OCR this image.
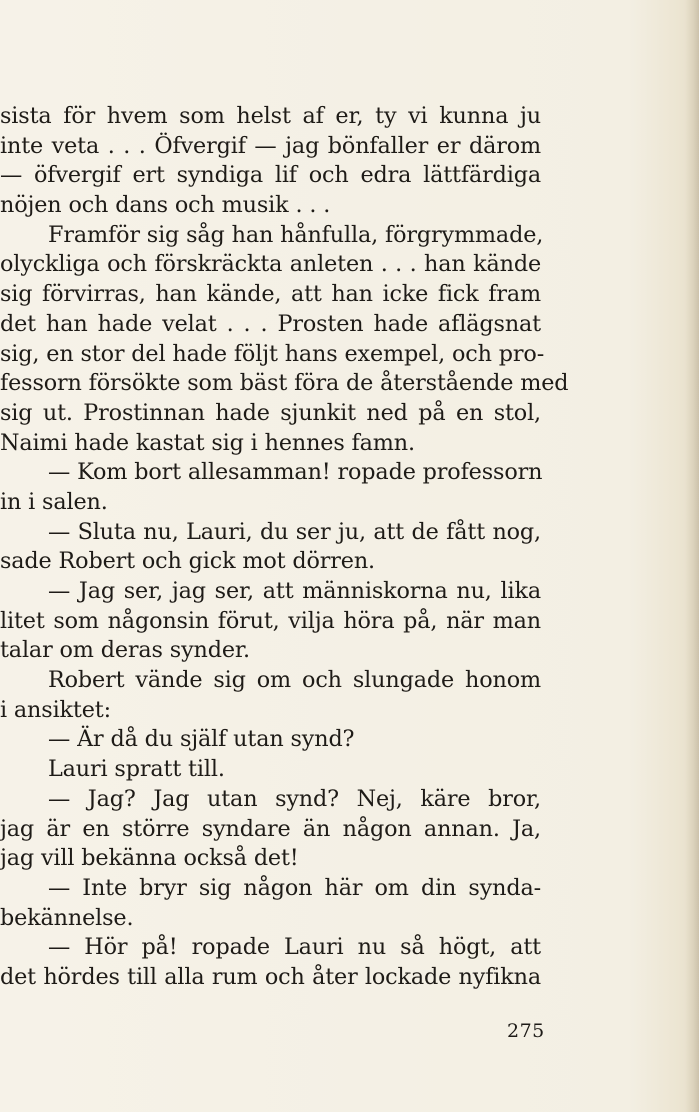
sista för hvem som helst af er, ty vi kunna ju
inte veta . . . Öfvergif — jag bönfaller er därom
— öfvergif ert syndiga lif och edra lättfärdiga
nöjen och dans och musik . . .
Framför sig såg han hånfulla, förgrymmade,
olyckliga och förskräckta anleten . . . han kände
sig förvirras, han kände, att han icke fick fram
det han hade velat . . . Prosten hade aflägsnat
sig, en stor del hade följt hans exempel, och pro-
fessorn försökte som bäst föra de återstående med
sig ut. Prostinnan hade sjunkit ned på en stol,
Naimi hade kastat sig i hennes famn.
— Kom bort allesamman! ropade professorn
in i salen.
— Sluta nu, Lauri, du ser ju, att de fått nog,
sade Robert och gick mot dörren.
— Jag ser, jag ser, att människorna nu, lika
litet som någonsin förut, vilja höra på, när man
talar om deras synder.
Robert vände sig om och slungade honom
i ansiktet:
— Är då du själf utan synd?
Lauri spratt till.
— Jag? Jag utan synd? Nej, käre bror,
jag är en större syndare än någon annan. Ja,
jag vill bekänna också det!
— Inte bryr sig någon här om din synda-
bekännelse.
— Hör på! ropade Lauri nu så högt, att
det hördes till alla rum och åter lockade nyfikna
275
